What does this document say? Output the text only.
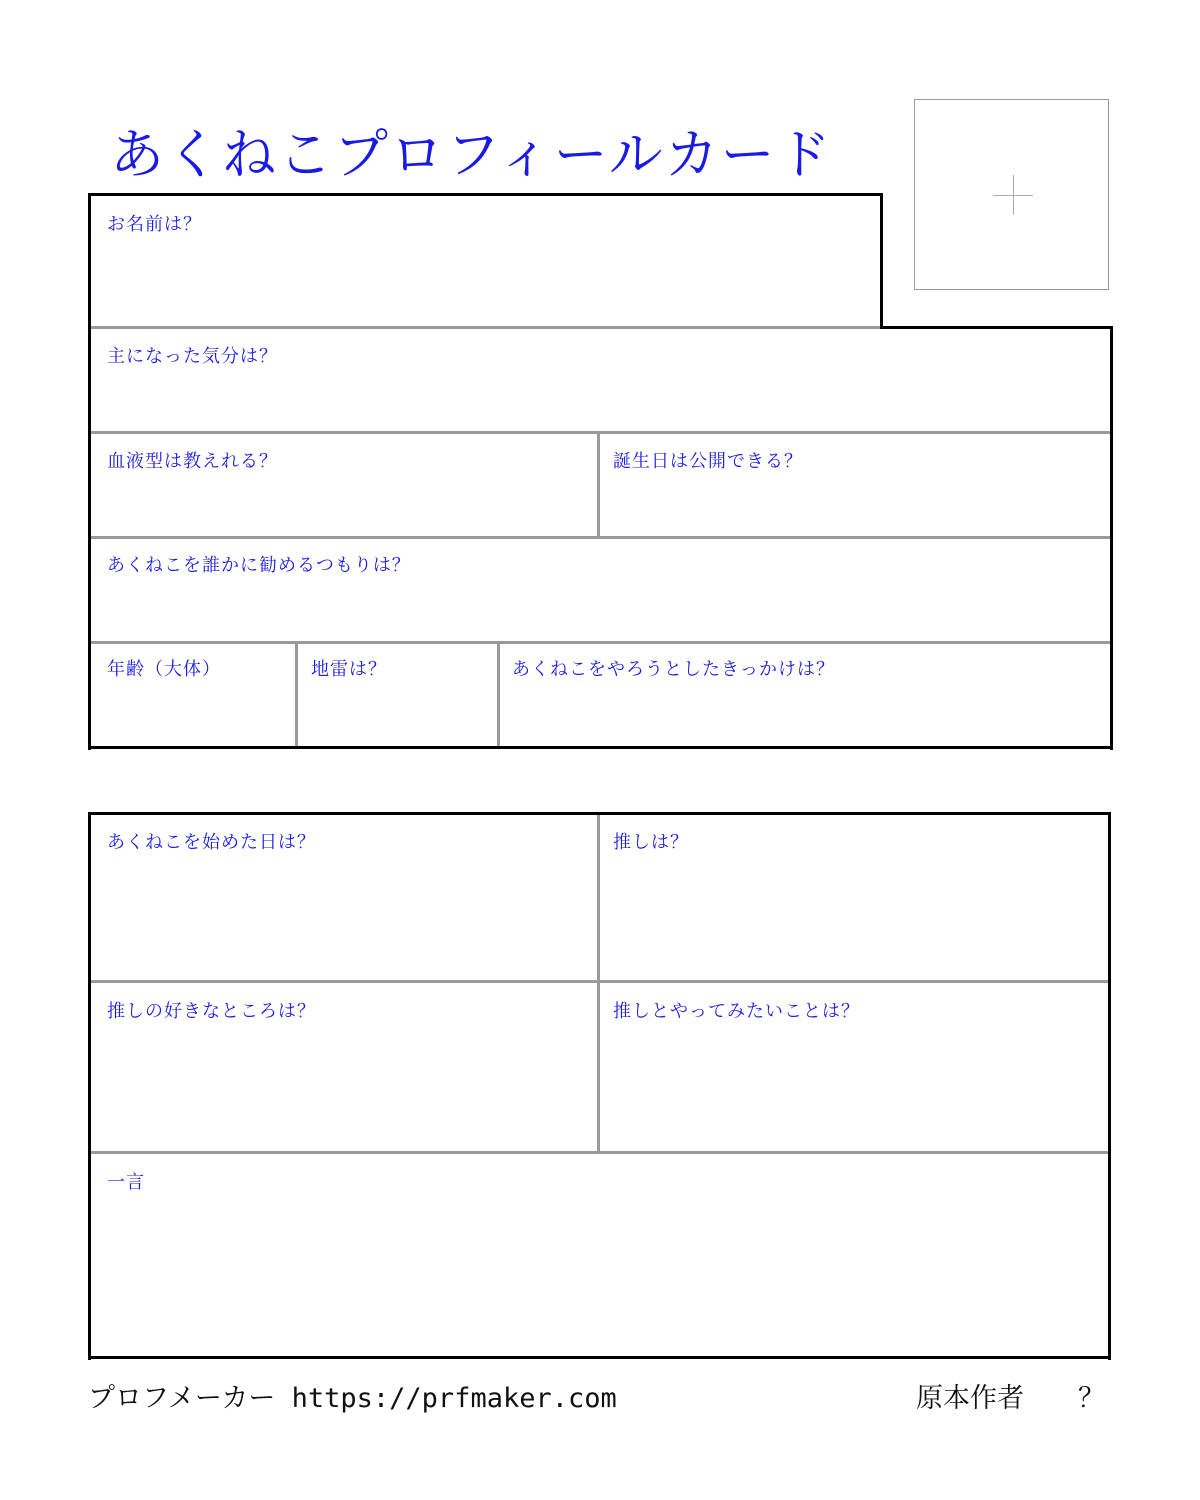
あくねこプロフィールカード
お名前は？
主になった気分は？
血液型は教えれる？	誕生日は公開できる？
あくねこを誰かに勧めるつもりは？
年齢（大体）	地雷は？	あくねこをやろうとしたきっかけは？
あくねこを始めた日は？	推しは？
推しの好きなところは？	推しとやってみたいことは？
一言
プロフメーカー https://prfmaker.com	原本作者 ？
